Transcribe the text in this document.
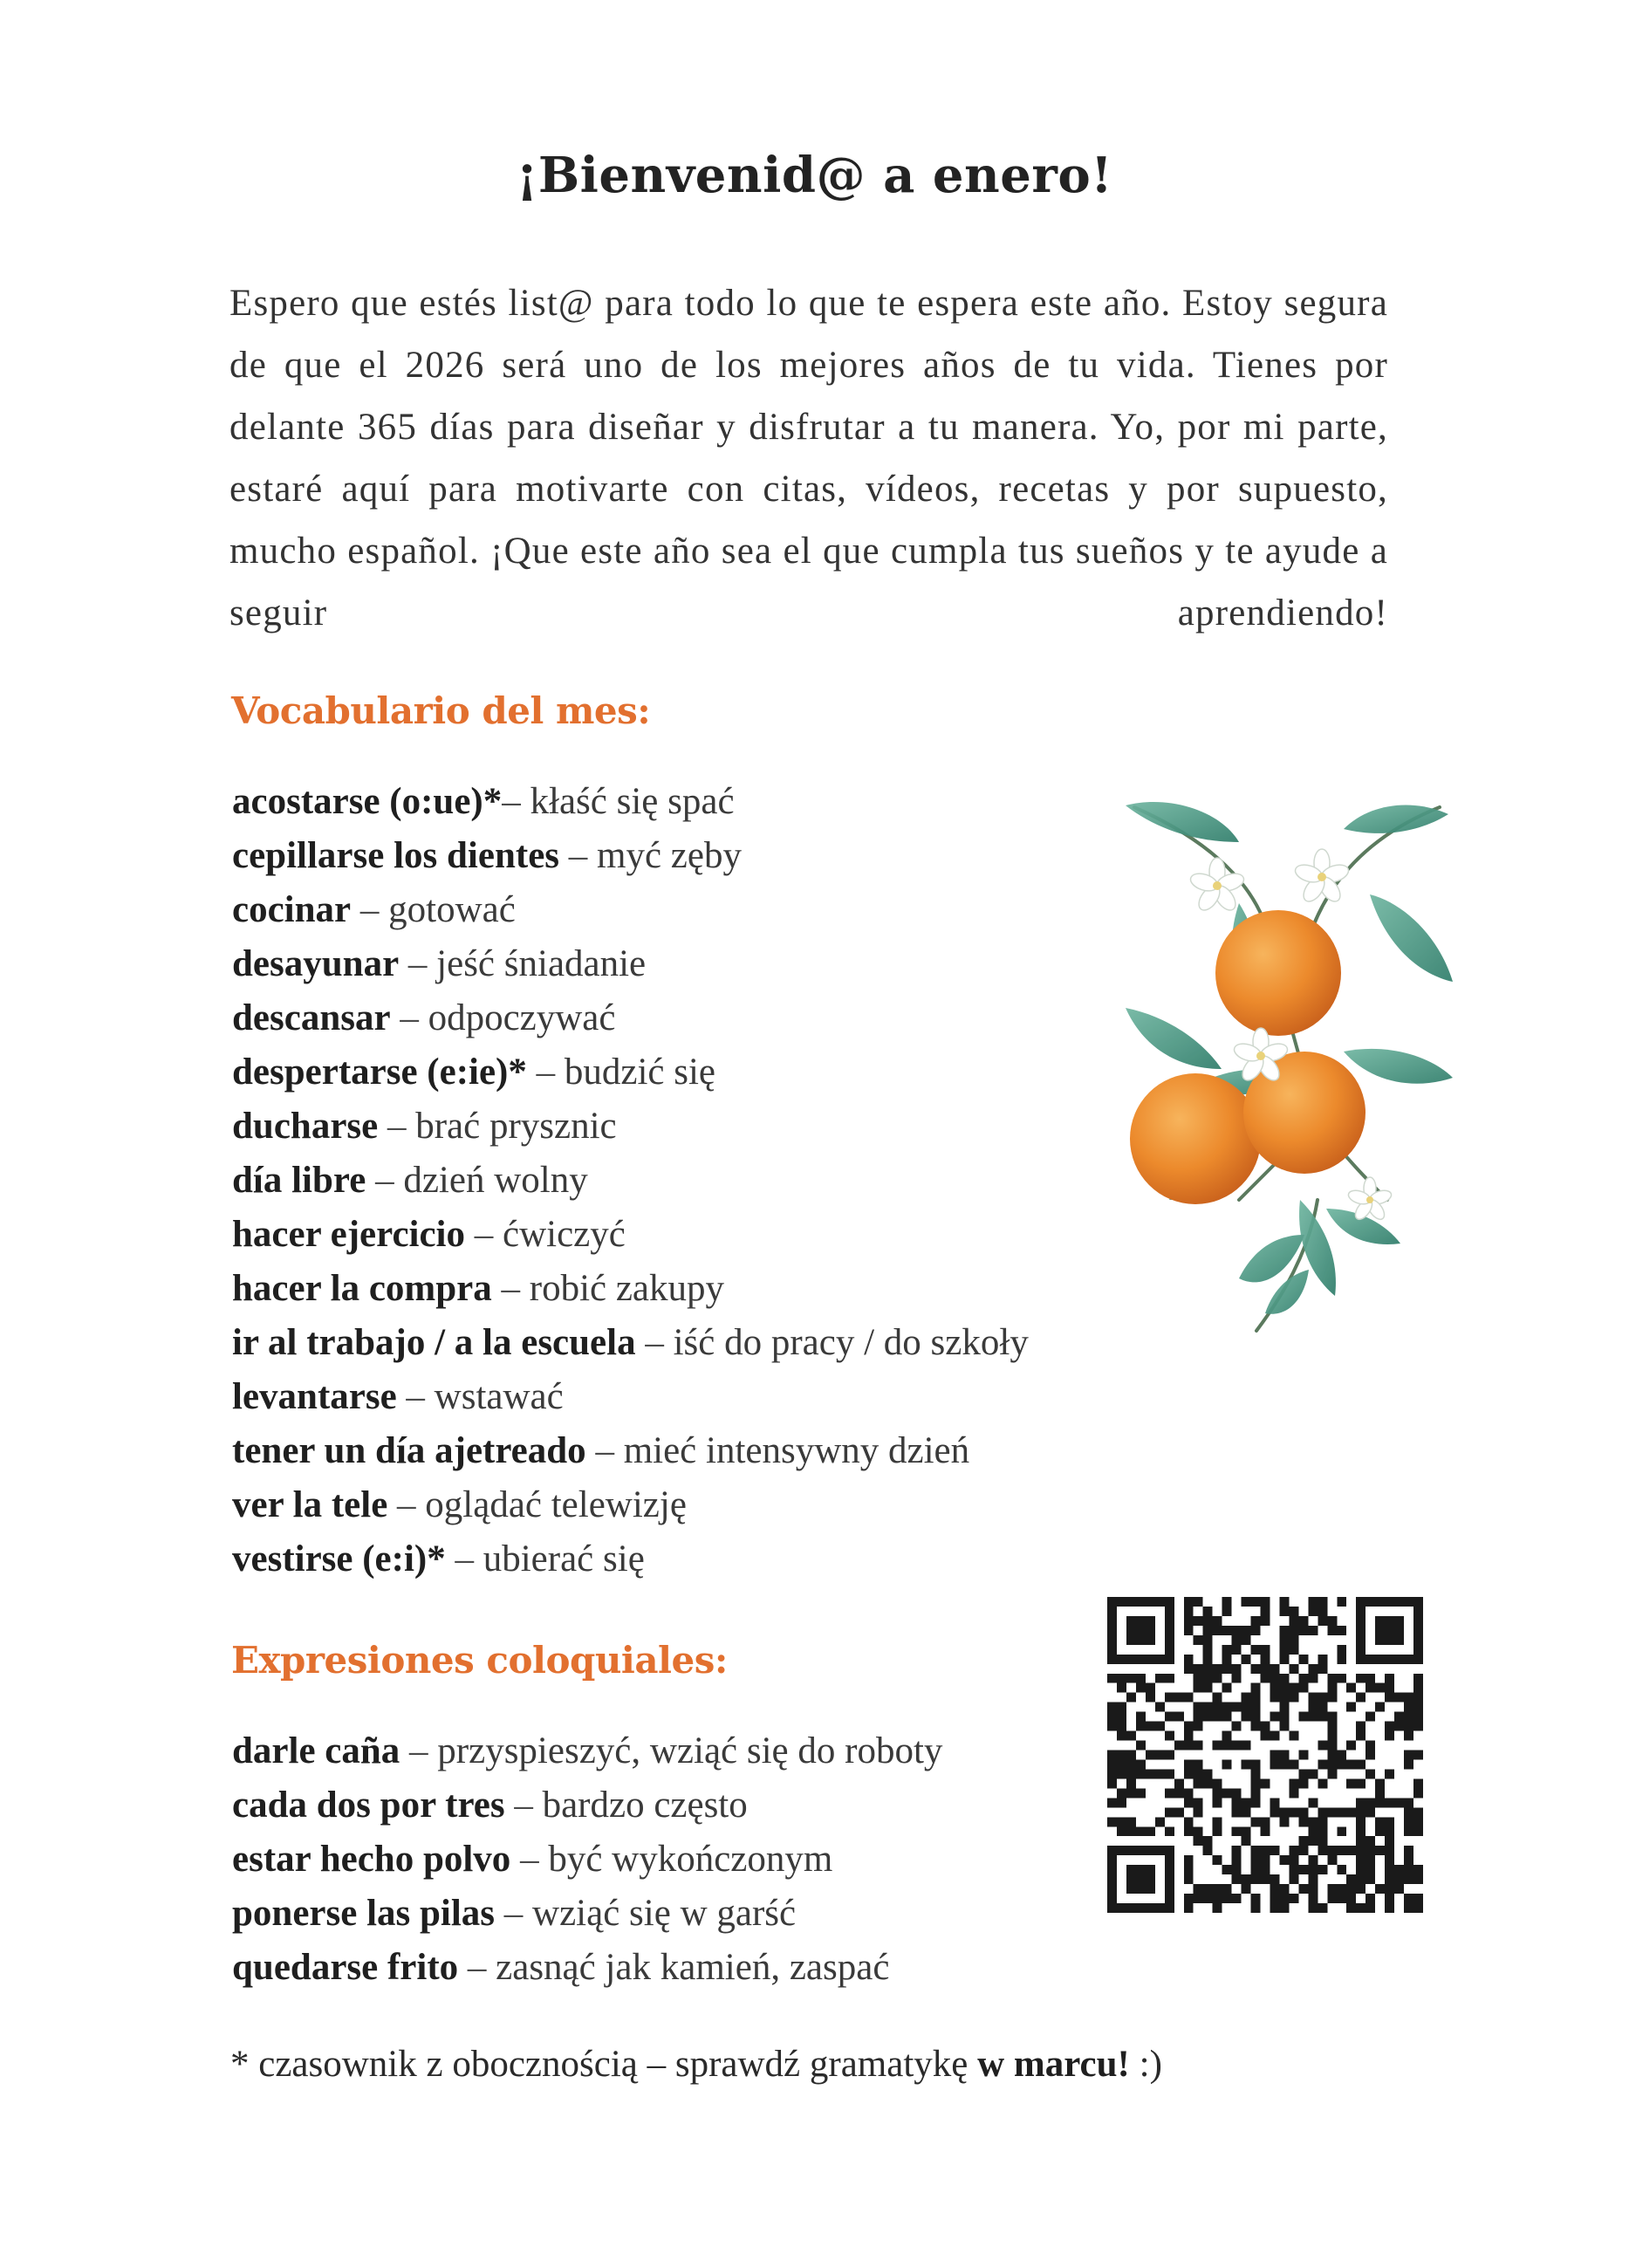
¡Bienvenid@ a enero!

Espero que estés list@ para todo lo que te espera este año. Estoy segura de que el 2026 será uno de los mejores años de tu vida. Tienes por delante 365 días para diseñar y disfrutar a tu manera. Yo, por mi parte, estaré aquí para motivarte con citas, vídeos, recetas y por supuesto, mucho español. ¡Que este año sea el que cumpla tus sueños y te ayude a seguir aprendiendo!

Vocabulario del mes:
acostarse (o:ue)*– kłaść się spać
cepillarse los dientes – myć zęby
cocinar – gotować
desayunar – jeść śniadanie
descansar – odpoczywać
despertarse (e:ie)* – budzić się
ducharse – brać prysznic
día libre – dzień wolny
hacer ejercicio – ćwiczyć
hacer la compra – robić zakupy
ir al trabajo / a la escuela – iść do pracy / do szkoły
levantarse – wstawać
tener un día ajetreado – mieć intensywny dzień
ver la tele – oglądać telewizję
vestirse (e:i)* – ubierać się
Expresiones coloquiales:
darle caña – przyspieszyć, wziąć się do roboty
cada dos por tres – bardzo często
estar hecho polvo – być wykończonym
ponerse las pilas – wziąć się w garść
quedarse frito – zasnąć jak kamień, zaspać

* czasownik z obocznością – sprawdź gramatykę w marcu! :)
